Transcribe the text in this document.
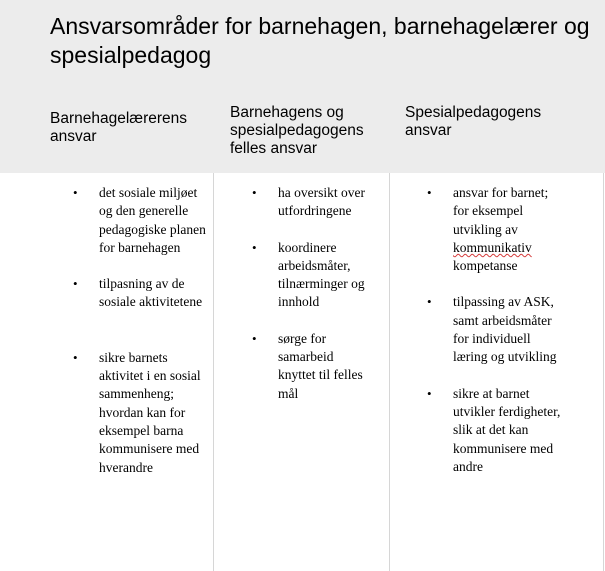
Ansvarsområder for barnehagen, barnehagelærer og spesialpedagog
Barnehagelærerens ansvar
Barnehagens og spesialpedagogens felles ansvar
Spesialpedagogens ansvar
• det sosiale miljøet og den generelle pedagogiske planen for barnehagen
• tilpasning av de sosiale aktivitetene
• sikre barnets aktivitet i en sosial sammenheng; hvordan kan for eksempel barna kommunisere med hverandre
• ha oversikt over utfordringene
• koordinere arbeidsmåter, tilnærminger og innhold
• sørge for samarbeid knyttet til felles mål
• ansvar for barnet; for eksempel utvikling av kommunikativ kompetanse
• tilpassing av ASK, samt arbeidsmåter for individuell læring og utvikling
• sikre at barnet utvikler ferdigheter, slik at det kan kommunisere med andre
